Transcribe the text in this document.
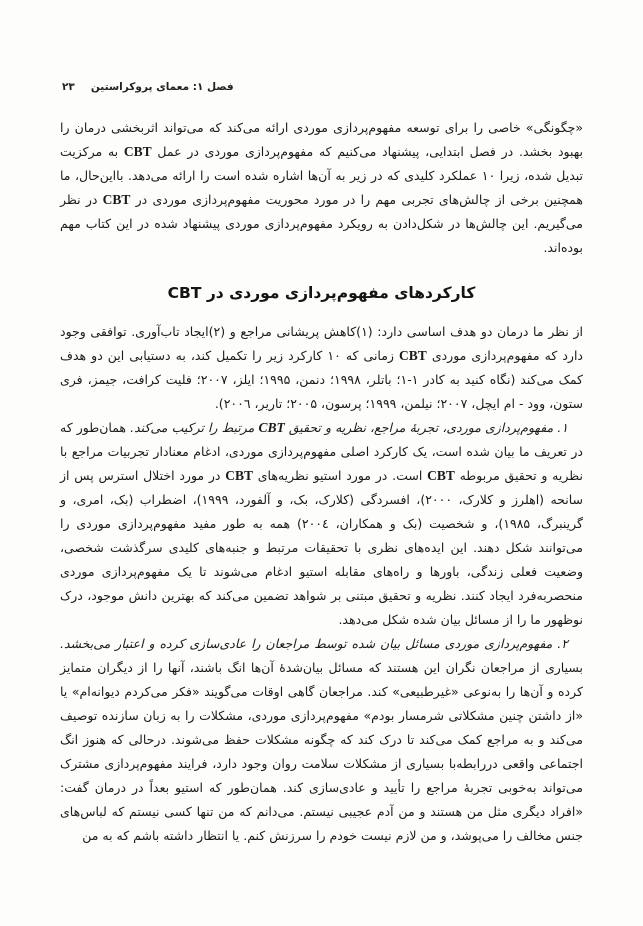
۲۳ فصل ۱: معمای پروکراستین

«چگونگی» خاصی را برای توسعه مفهوم‌پردازی موردی ارائه می‌کند که می‌تواند اثربخشی درمان را بهبود بخشد. در فصل ابتدایی، پیشنهاد می‌کنیم که مفهوم‌پردازی موردی در عمل CBT به مرکزیت تبدیل شده، زیرا ۱۰ عملکرد کلیدی که در زیر به آن‌ها اشاره شده است را ارائه می‌دهد. بااین‌حال، ما همچنین برخی از چالش‌های تجربی مهم را در مورد محوریت مفهوم‌پردازی موردی در CBT در نظر می‌گیریم. این چالش‌ها در شکل‌دادن به رویکرد مفهوم‌پردازی موردی پیشنهاد شده در این کتاب مهم بوده‌اند.

کارکردهای مفهوم‌پردازی موردی در CBT

از نظر ما درمان دو هدف اساسی دارد: (۱)کاهش پریشانی مراجع و (۲)ایجاد تاب‌آوری. توافقی وجود دارد که مفهوم‌پردازی موردی CBT زمانی که ۱۰ کارکرد زیر را تکمیل کند، به دستیابی این دو هدف کمک می‌کند (نگاه کنید به کادر ۱-۱؛ باتلر، ۱۹۹۸؛ دنمن، ۱۹۹۵؛ ایلز، ۲۰۰۷؛ فلیت کرافت، جیمز، فری ستون، وود - ام ایچل، ۲۰۰۷؛ نیلمن، ۱۹۹۹؛ پرسون، ۲۰۰۵؛ تاریر، ۲۰۰٦).

۱. مفهوم‌پردازی موردی، تجربۀ مراجع، نظریه و تحقیق CBT مرتبط را ترکیب می‌کند. همان‌طور که در تعریف ما بیان شده است، یک کارکرد اصلی مفهوم‌پردازی موردی، ادغام معنادار تجربیات مراجع با نظریه و تحقیق مربوطه CBT است. در مورد استیو نظریه‌های CBT در مورد اختلال استرس پس از سانحه (اهلرز و کلارک، ۲۰۰۰)، افسردگی (کلارک، بک، و آلفورد، ۱۹۹۹)، اضطراب (بک، امری، و گرینبرگ، ۱۹۸۵)، و شخصیت (بک و همکاران، ۲۰۰٤) همه به طور مفید مفهوم‌پردازی موردی را می‌توانند شکل دهند. این ایده‌های نظری با تحقیقات مرتبط و جنبه‌های کلیدی سرگذشت شخصی، وضعیت فعلی زندگی، باورها و راه‌های مقابله استیو ادغام می‌شوند تا یک مفهوم‌پردازی موردی منحصربه‌فرد ایجاد کنند. نظریه و تحقیق مبتنی بر شواهد تضمین می‌کند که بهترین دانش موجود، درک نوظهور ما را از مسائل بیان شده شکل می‌دهد.

۲. مفهوم‌پردازی موردی مسائل بیان شده توسط مراجعان را عادی‌سازی کرده و اعتبار می‌بخشد. بسیاری از مراجعان نگران این هستند که مسائل بیان‌شدۀ آن‌ها انگ باشند، آنها را از دیگران متمایز کرده و آن‌ها را به‌نوعی «غیرطبیعی» کند. مراجعان گاهی اوقات می‌گویند «فکر می‌کردم دیوانه‌ام» یا «از داشتن چنین مشکلاتی شرمسار بودم» مفهوم‌پردازی موردی، مشکلات را به زبان سازنده توصیف می‌کند و به مراجع کمک می‌کند تا درک کند که چگونه مشکلات حفظ می‌شوند. درحالی که هنوز انگ اجتماعی واقعی دررابطه‌با بسیاری از مشکلات سلامت روان وجود دارد، فرایند مفهوم‌پردازی مشترک می‌تواند به‌خوبی تجربۀ مراجع را تأیید و عادی‌سازی کند. همان‌طور که استیو بعداً در درمان گفت: «افراد دیگری مثل من هستند و من آدم عجیبی نیستم. می‌دانم که من تنها کسی نیستم که لباس‌های جنس مخالف را می‌پوشد، و من لازم نیست خودم را سرزنش کنم. یا انتظار داشته باشم که به من
